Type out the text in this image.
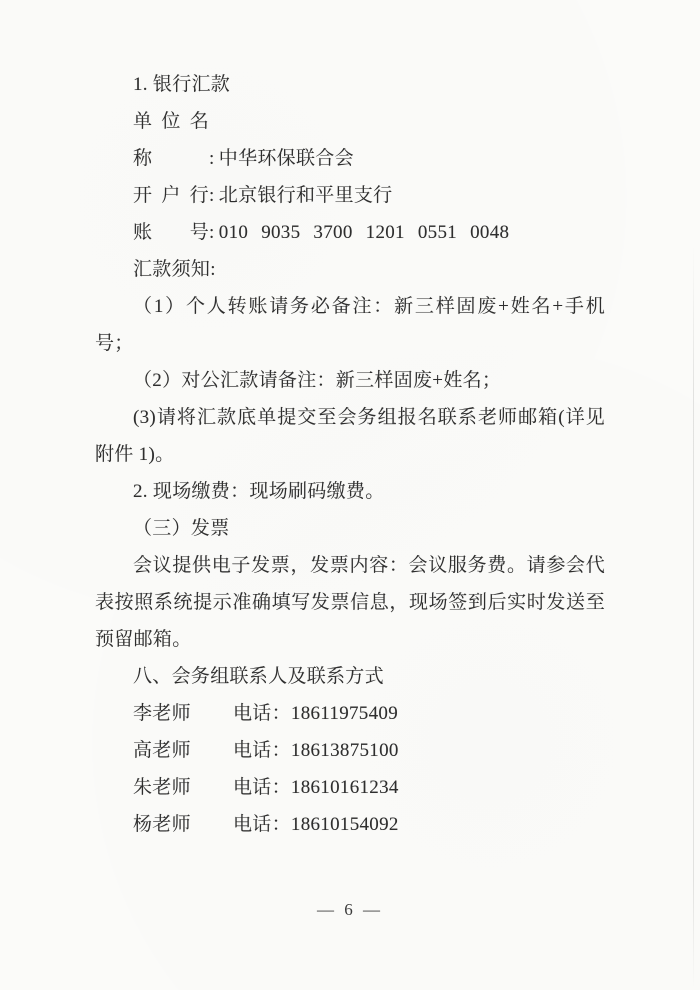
1. 银行汇款

单位名称	: 中华环保联合会

开 户 行: 北京银行和平里支行

账 号: 010 9035 3700 1201 0551 0048

汇款须知:

（1）个人转账请务必备注：新三样固废+姓名+手机号；

（2）对公汇款请备注：新三样固废+姓名；

(3)请将汇款底单提交至会务组报名联系老师邮箱(详见附件 1)。

2. 现场缴费：现场刷码缴费。

（三）发票

会议提供电子发票，发票内容：会议服务费。请参会代表按照系统提示准确填写发票信息，现场签到后实时发送至预留邮箱。

八、会务组联系人及联系方式

李老师 电话：18611975409

高老师 电话：18613875100

朱老师 电话：18610161234

杨老师 电话：18610154092

— 6 —
